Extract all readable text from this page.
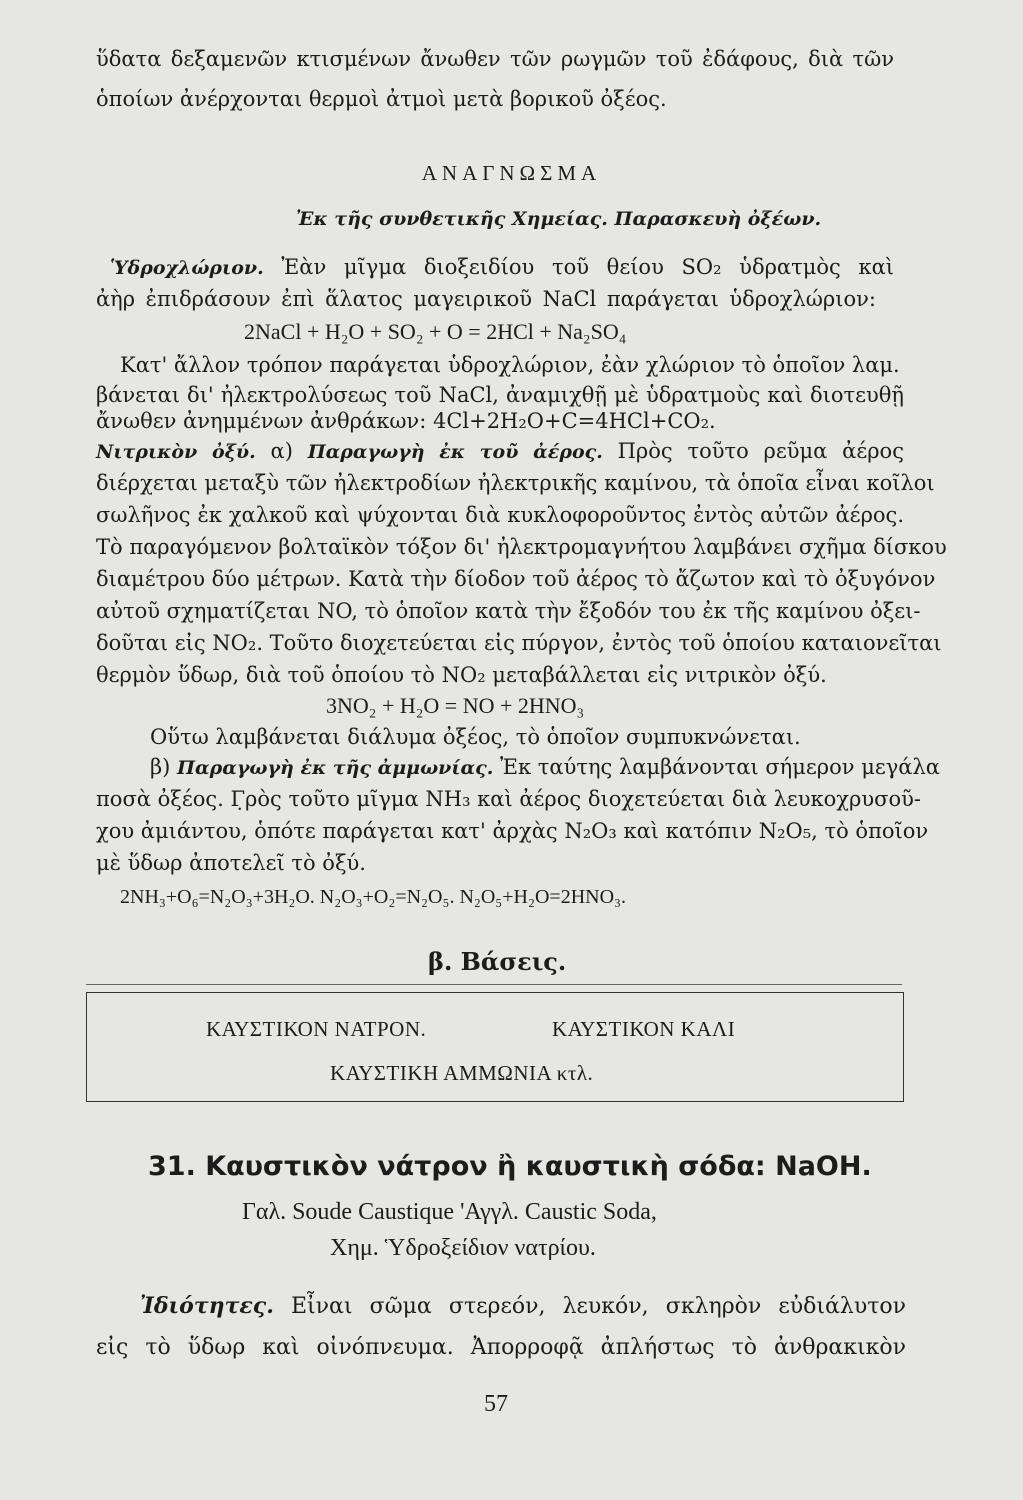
ὕδατα δεξαμενῶν κτισμένων ἄνωθεν τῶν ρωγμῶν τοῦ ἐδάφους, διὰ τῶν
ὁποίων ἀνέρχονται θερμοὶ ἀτμοὶ μετὰ βορικοῦ ὀξέος.
ΑΝΑΓΝΩΣΜΑ
Ἐκ τῆς συνθετικῆς Χημείας. Παρασκευὴ ὀξέων.
Ὑδροχλώριον. Ἐὰν μῖγμα διοξειδίου τοῦ θείου SO₂ ὑδρατμὸς καὶ
ἀὴρ ἐπιδράσουν ἐπὶ ἅλατος μαγειρικοῦ NaCl παράγεται ὑδροχλώριον:
2NaCl + H₂O + SO₂ + O = 2HCl + Na₂SO₄
Κατ' ἄλλον τρόπον παράγεται ὑδροχλώριον, ἐὰν χλώριον τὸ ὁποῖον λαμ.
βάνεται δι' ἠλεκτρολύσεως τοῦ NaCl, ἀναμιχθῇ μὲ ὑδρατμοὺς καὶ διοτευθῇ
ἄνωθεν ἀνημμένων ἀνθράκων: 4Cl+2H₂O+C=4HCl+CO₂.
Νιτρικὸν ὀξύ. α) Παραγωγὴ ἐκ τοῦ ἀέρος. Πρὸς τοῦτο ρεῦμα ἀέρος
διέρχεται μεταξὺ τῶν ἠλεκτροδίων ἠλεκτρικῆς καμίνου, τὰ ὁποῖα εἶναι κοῖλοι
σωλῆνος ἐκ χαλκοῦ καὶ ψύχονται διὰ κυκλοφοροῦντος ἐντὸς αὐτῶν ἀέρος.
Τὸ παραγόμενον βολταϊκὸν τόξον δι' ἠλεκτρομαγνήτου λαμβάνει σχῆμα δίσκου
διαμέτρου δύο μέτρων. Κατὰ τὴν δίοδον τοῦ ἀέρος τὸ ἄζωτον καὶ τὸ ὀξυγόνον
αὐτοῦ σχηματίζεται NO, τὸ ὁποῖον κατὰ τὴν ἔξοδόν του ἐκ τῆς καμίνου ὀξει-
δοῦται εἰς NO₂. Τοῦτο διοχετεύεται εἰς πύργον, ἐντὸς τοῦ ὁποίου καταιονεῖται
θερμὸν ὕδωρ, διὰ τοῦ ὁποίου τὸ NO₂ μεταβάλλεται εἰς νιτρικὸν ὀξύ.
3NO₂ + H₂O = NO + 2HNO₃
Οὕτω λαμβάνεται διάλυμα ὀξέος, τὸ ὁποῖον συμπυκνώνεται.
β) Παραγωγὴ ἐκ τῆς ἀμμωνίας. Ἐκ ταύτης λαμβάνονται σήμερον μεγάλα
ποσὰ ὀξέος. Γ̣ρὸς τοῦτο μῖγμα NH₃ καὶ ἀέρος διοχετεύεται διὰ λευκοχρυσοῦ-
χου ἀμιάντου, ὁπότε παράγεται κατ' ἀρχὰς N₂O₃ καὶ κατόπιν N₂O₅, τὸ ὁποῖον
μὲ ὕδωρ ἀποτελεῖ τὸ ὀξύ.
2NH₃+O₆=N₂O₃+3H₂O. N₂O₃+O₂=N₂O₅. N₂O₅+H₂O=2HNO₃.
β. Βάσεις.
ΚΑΥΣΤΙΚΟΝ ΝΑΤΡΟΝ.	ΚΑΥΣΤΙΚΟΝ ΚΑΛΙ
ΚΑΥΣΤΙΚΗ ΑΜΜΩΝΙΑ κτλ.
31. Καυστικὸν νάτρον ἢ καυστικὴ σόδα: NaOH.
Γαλ. Soude Caustique 'Αγγλ. Caustic Soda,
Χημ. Ὑδροξείδιον νατρίου.
Ἰδιότητες. Εἶναι σῶμα στερεόν, λευκόν, σκληρὸν εὐδιάλυτον
εἰς τὸ ὕδωρ καὶ οἰνόπνευμα. Ἀπορροφᾷ ἀπλήστως τὸ ἀνθρακικὸν
57
